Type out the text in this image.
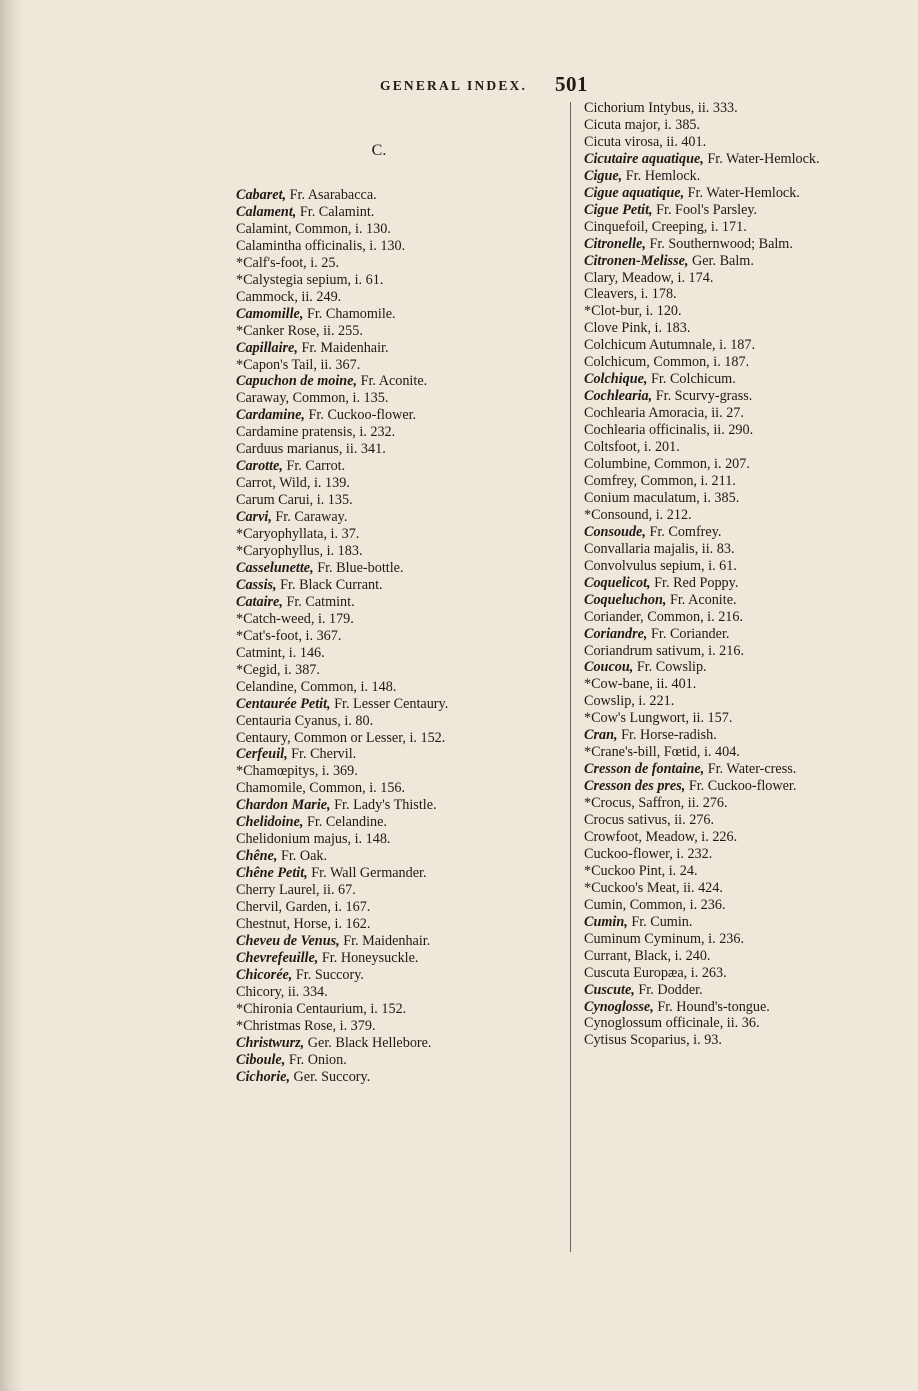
GENERAL INDEX. 501
C.
Cabaret, Fr. Asarabacca.
Calament, Fr. Calamint.
Calamint, Common, i. 130.
Calamintha officinalis, i. 130.
*Calf's-foot, i. 25.
*Calystegia sepium, i. 61.
Cammock, ii. 249.
Camomille, Fr. Chamomile.
*Canker Rose, ii. 255.
Capillaire, Fr. Maidenhair.
*Capon's Tail, ii. 367.
Capuchon de moine, Fr. Aconite.
Caraway, Common, i. 135.
Cardamine, Fr. Cuckoo-flower.
Cardamine pratensis, i. 232.
Carduus marianus, ii. 341.
Carotte, Fr. Carrot.
Carrot, Wild, i. 139.
Carum Carui, i. 135.
Carvi, Fr. Caraway.
*Caryophyllata, i. 37.
*Caryophyllus, i. 183.
Casselunette, Fr. Blue-bottle.
Cassis, Fr. Black Currant.
Cataire, Fr. Catmint.
*Catch-weed, i. 179.
*Cat's-foot, i. 367.
Catmint, i. 146.
*Cegid, i. 387.
Celandine, Common, i. 148.
Centaurée Petit, Fr. Lesser Centaury.
Centauria Cyanus, i. 80.
Centaury, Common or Lesser, i. 152.
Cerfeuil, Fr. Chervil.
*Chamœpitys, i. 369.
Chamomile, Common, i. 156.
Chardon Marie, Fr. Lady's Thistle.
Chelidoine, Fr. Celandine.
Chelidonium majus, i. 148.
Chêne, Fr. Oak.
Chêne Petit, Fr. Wall Germander.
Cherry Laurel, ii. 67.
Chervil, Garden, i. 167.
Chestnut, Horse, i. 162.
Cheveu de Venus, Fr. Maidenhair.
Chevrefeuille, Fr. Honeysuckle.
Chicorée, Fr. Succory.
Chicory, ii. 334.
*Chironia Centaurium, i. 152.
*Christmas Rose, i. 379.
Christwurz, Ger. Black Hellebore.
Ciboule, Fr. Onion.
Cichorie, Ger. Succory.
Cichorium Intybus, ii. 333.
Cicuta major, i. 385.
Cicuta virosa, ii. 401.
Cicutaire aquatique, Fr. Water-Hemlock.
Cigue, Fr. Hemlock.
Cigue aquatique, Fr. Water-Hemlock.
Cigue Petit, Fr. Fool's Parsley.
Cinquefoil, Creeping, i. 171.
Citronelle, Fr. Southernwood; Balm.
Citronen-Melisse, Ger. Balm.
Clary, Meadow, i. 174.
Cleavers, i. 178.
*Clot-bur, i. 120.
Clove Pink, i. 183.
Colchicum Autumnale, i. 187.
Colchicum, Common, i. 187.
Colchique, Fr. Colchicum.
Cochlearia, Fr. Scurvy-grass.
Cochlearia Amoracia, ii. 27.
Cochlearia officinalis, ii. 290.
Coltsfoot, i. 201.
Columbine, Common, i. 207.
Comfrey, Common, i. 211.
Conium maculatum, i. 385.
*Consound, i. 212.
Consoude, Fr. Comfrey.
Convallaria majalis, ii. 83.
Convolvulus sepium, i. 61.
Coquelicot, Fr. Red Poppy.
Coqueluchon, Fr. Aconite.
Coriander, Common, i. 216.
Coriandre, Fr. Coriander.
Coriandrum sativum, i. 216.
Coucou, Fr. Cowslip.
*Cow-bane, ii. 401.
Cowslip, i. 221.
*Cow's Lungwort, ii. 157.
Cran, Fr. Horse-radish.
*Crane's-bill, Fœtid, i. 404.
Cresson de fontaine, Fr. Water-cress.
Cresson des pres, Fr. Cuckoo-flower.
*Crocus, Saffron, ii. 276.
Crocus sativus, ii. 276.
Crowfoot, Meadow, i. 226.
Cuckoo-flower, i. 232.
*Cuckoo Pint, i. 24.
*Cuckoo's Meat, ii. 424.
Cumin, Common, i. 236.
Cumin, Fr. Cumin.
Cuminum Cyminum, i. 236.
Currant, Black, i. 240.
Cuscuta Europæa, i. 263.
Cuscute, Fr. Dodder.
Cynoglosse, Fr. Hound's-tongue.
Cynoglossum officinale, ii. 36.
Cytisus Scoparius, i. 93.
